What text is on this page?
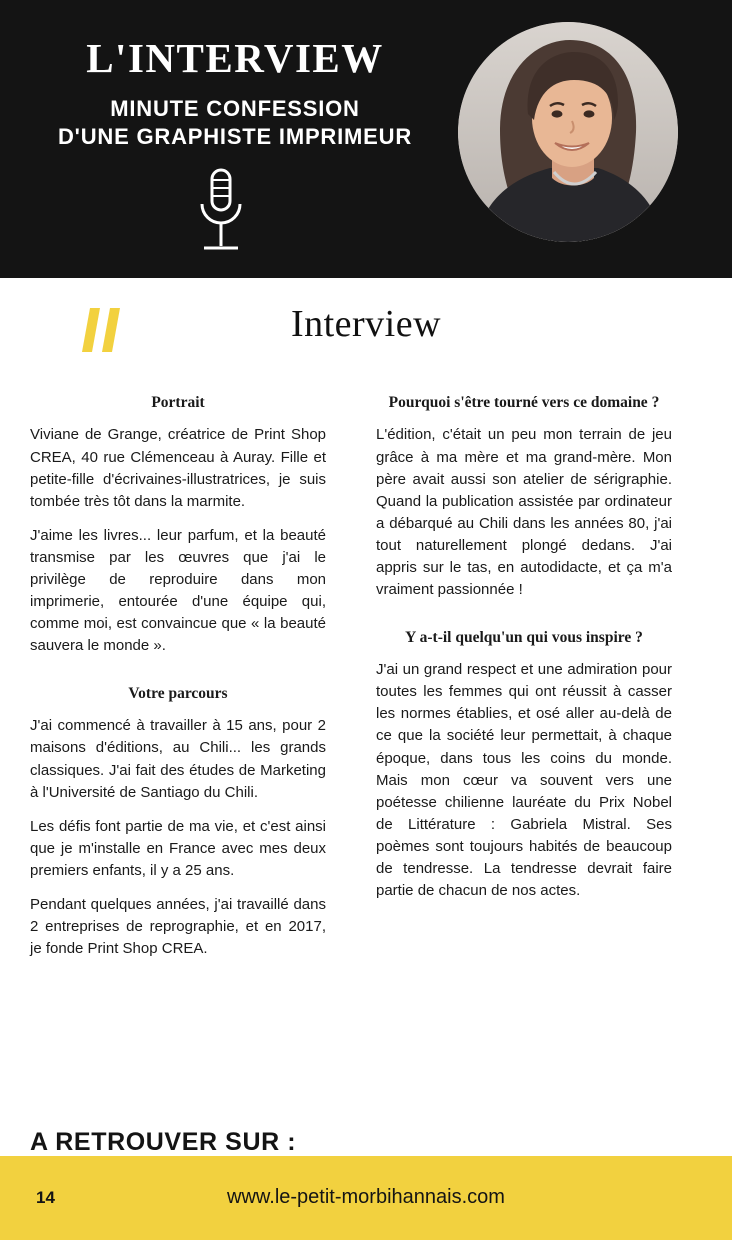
L'INTERVIEW
MINUTE CONFESSION
D'UNE GRAPHISTE IMPRIMEUR
Interview
Portrait

Viviane de Grange, créatrice de Print Shop CREA, 40 rue Clémenceau à Auray. Fille et petite-fille d'écrivaines-illustratrices, je suis tombée très tôt dans la marmite.

J'aime les livres... leur parfum, et la beauté transmise par les œuvres que j'ai le privilège de reproduire dans mon imprimerie, entourée d'une équipe qui, comme moi, est convaincue que « la beauté sauvera le monde ».

Votre parcours

J'ai commencé à travailler à 15 ans, pour 2 maisons d'éditions, au Chili... les grands classiques. J'ai fait des études de Marketing à l'Université de Santiago du Chili.

Les défis font partie de ma vie, et c'est ainsi que je m'installe en France avec mes deux premiers enfants, il y a 25 ans.

Pendant quelques années, j'ai travaillé dans 2 entreprises de reprographie, et en 2017, je fonde Print Shop CREA.

Pourquoi s'être tourné vers ce domaine ?

L'édition, c'était un peu mon terrain de jeu grâce à ma mère et ma grand-mère. Mon père avait aussi son atelier de sérigraphie. Quand la publication assistée par ordinateur a débarqué au Chili dans les années 80, j'ai tout naturellement plongé dedans. J'ai appris sur le tas, en autodidacte, et ça m'a vraiment passionnée !

Y a-t-il quelqu'un qui vous inspire ?

J'ai un grand respect et une admiration pour toutes les femmes qui ont réussit à casser les normes établies, et osé aller au-delà de ce que la société leur permettait, à chaque époque, dans tous les coins du monde. Mais mon cœur va souvent vers une poétesse chilienne lauréate du Prix Nobel de Littérature : Gabriela Mistral. Ses poèmes sont toujours habités de beaucoup de tendresse. La tendresse devrait faire partie de chacun de nos actes.

A RETROUVER SUR :
14	www.le-petit-morbihannais.com
